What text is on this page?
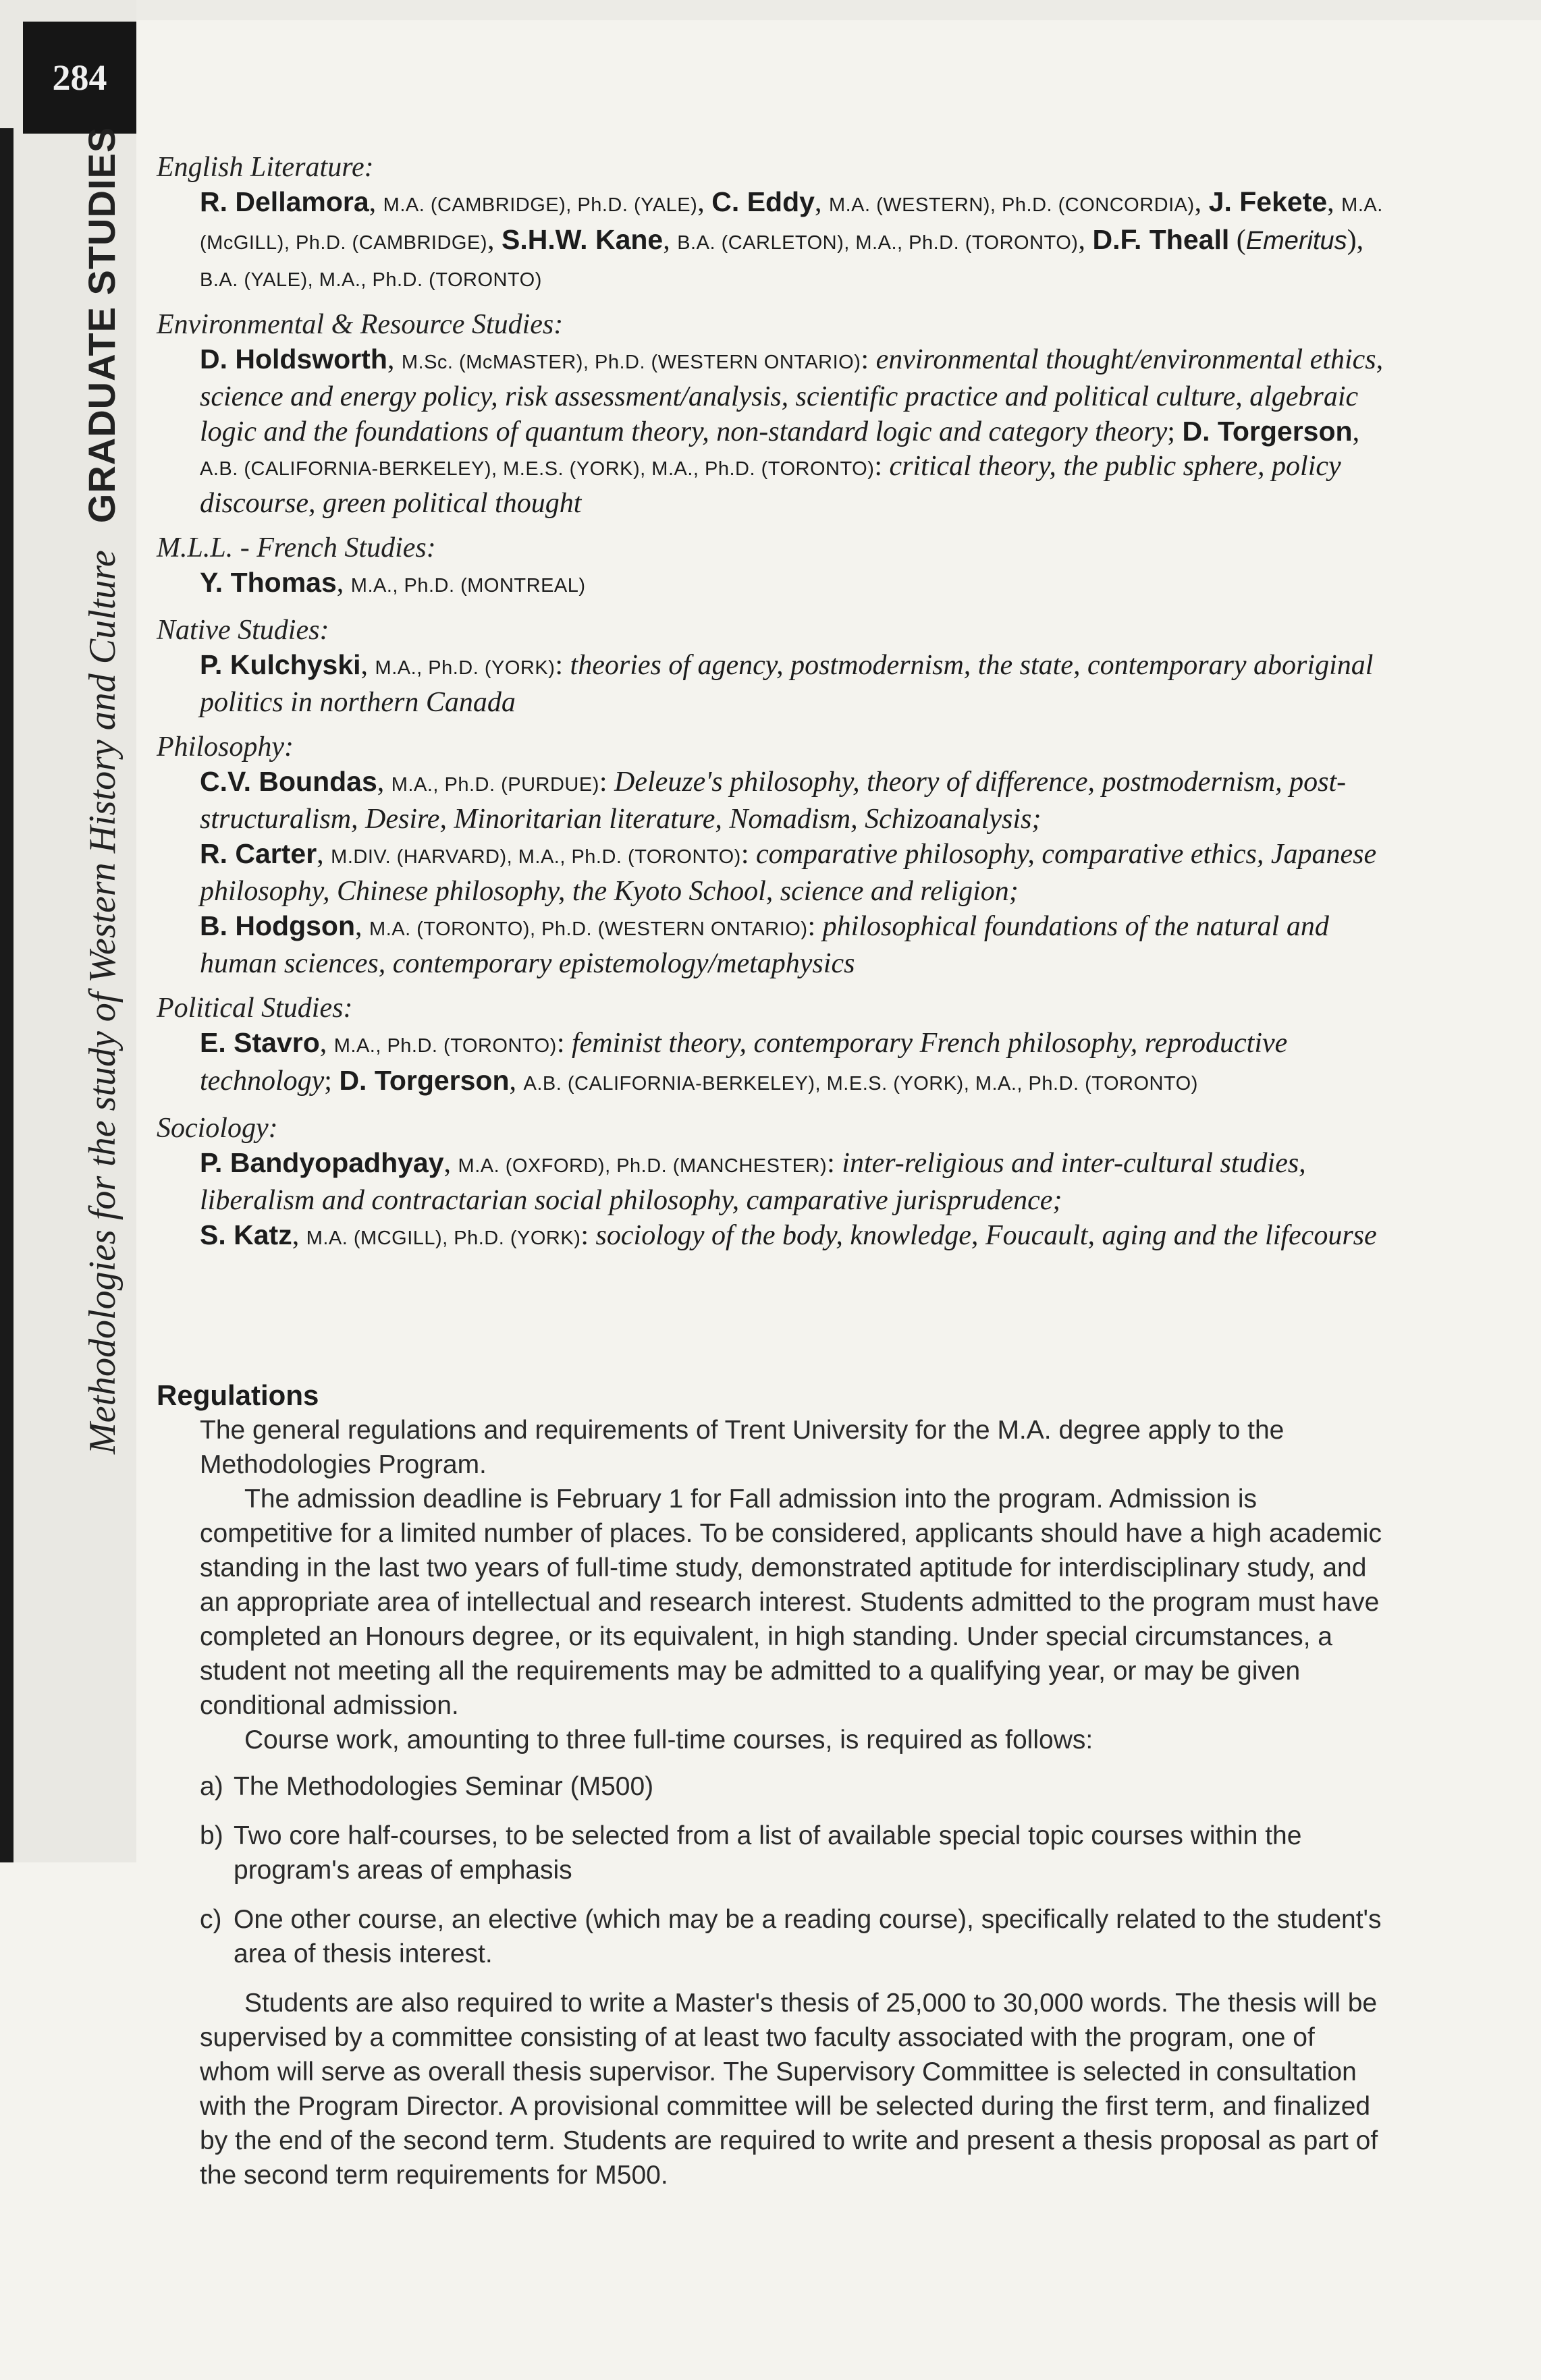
284
Methodologies for the study of Western History and CultureGRADUATE STUDIES English Literature:
R. Dellamora, M.A. (CAMBRIDGE), Ph.D. (YALE), C. Eddy, M.A. (WESTERN), Ph.D. (CONCORDIA), J. Fekete, M.A. (McGILL), Ph.D. (CAMBRIDGE), S.H.W. Kane, B.A. (CARLETON), M.A., Ph.D. (TORONTO), D.F. Theall (Emeritus), B.A. (YALE), M.A., Ph.D. (TORONTO)
Environmental & Resource Studies:
D. Holdsworth, M.Sc. (McMASTER), Ph.D. (WESTERN ONTARIO): environmental thought/environmental ethics, science and energy policy, risk assessment/analysis, scientific practice and political culture, algebraic logic and the foundations of quantum theory, non-standard logic and category theory; D. Torgerson, A.B. (CALIFORNIA-BERKELEY), M.E.S. (YORK), M.A., Ph.D. (TORONTO): critical theory, the public sphere, policy discourse, green political thought
M.L.L. - French Studies:
Y. Thomas, M.A., Ph.D. (MONTREAL)
Native Studies:
P. Kulchyski, M.A., Ph.D. (YORK): theories of agency, postmodernism, the state, contemporary aboriginal politics in northern Canada
Philosophy:
C.V. Boundas, M.A., Ph.D. (PURDUE): Deleuze's philosophy, theory of difference, postmodernism, post-structuralism, Desire, Minoritarian literature, Nomadism, Schizoanalysis;
R. Carter, M.DIV. (HARVARD), M.A., Ph.D. (TORONTO): comparative philosophy, comparative ethics, Japanese philosophy, Chinese philosophy, the Kyoto School, science and religion;
B. Hodgson, M.A. (TORONTO), Ph.D. (WESTERN ONTARIO): philosophical foundations of the natural and human sciences, contemporary epistemology/metaphysics
Political Studies:
E. Stavro, M.A., Ph.D. (TORONTO): feminist theory, contemporary French philosophy, reproductive technology; D. Torgerson, A.B. (CALIFORNIA-BERKELEY), M.E.S. (YORK), M.A., Ph.D. (TORONTO)
Sociology:
P. Bandyopadhyay, M.A. (OXFORD), Ph.D. (MANCHESTER): inter-religious and inter-cultural studies, liberalism and contractarian social philosophy, camparative jurisprudence;
S. Katz, M.A. (MCGILL), Ph.D. (YORK): sociology of the body, knowledge, Foucault, aging and the lifecourse
Regulations

The general regulations and requirements of Trent University for the M.A. degree apply to the Methodologies Program.

The admission deadline is February 1 for Fall admission into the program. Admission is competitive for a limited number of places. To be considered, applicants should have a high academic standing in the last two years of full-time study, demonstrated aptitude for interdisciplinary study, and an appropriate area of intellectual and research interest. Students admitted to the program must have completed an Honours degree, or its equivalent, in high standing. Under special circumstances, a student not meeting all the requirements may be admitted to a qualifying year, or may be given conditional admission.

Course work, amounting to three full-time courses, is required as follows:

a) The Methodologies Seminar (M500)
b) Two core half-courses, to be selected from a list of available special topic courses within the program's areas of emphasis
c) One other course, an elective (which may be a reading course), specifically related to the student's area of thesis interest.

Students are also required to write a Master's thesis of 25,000 to 30,000 words. The thesis will be supervised by a committee consisting of at least two faculty associated with the program, one of whom will serve as overall thesis supervisor. The Supervisory Committee is selected in consultation with the Program Director. A provisional committee will be selected during the first term, and finalized by the end of the second term. Students are required to write and present a thesis proposal as part of the second term requirements for M500.
